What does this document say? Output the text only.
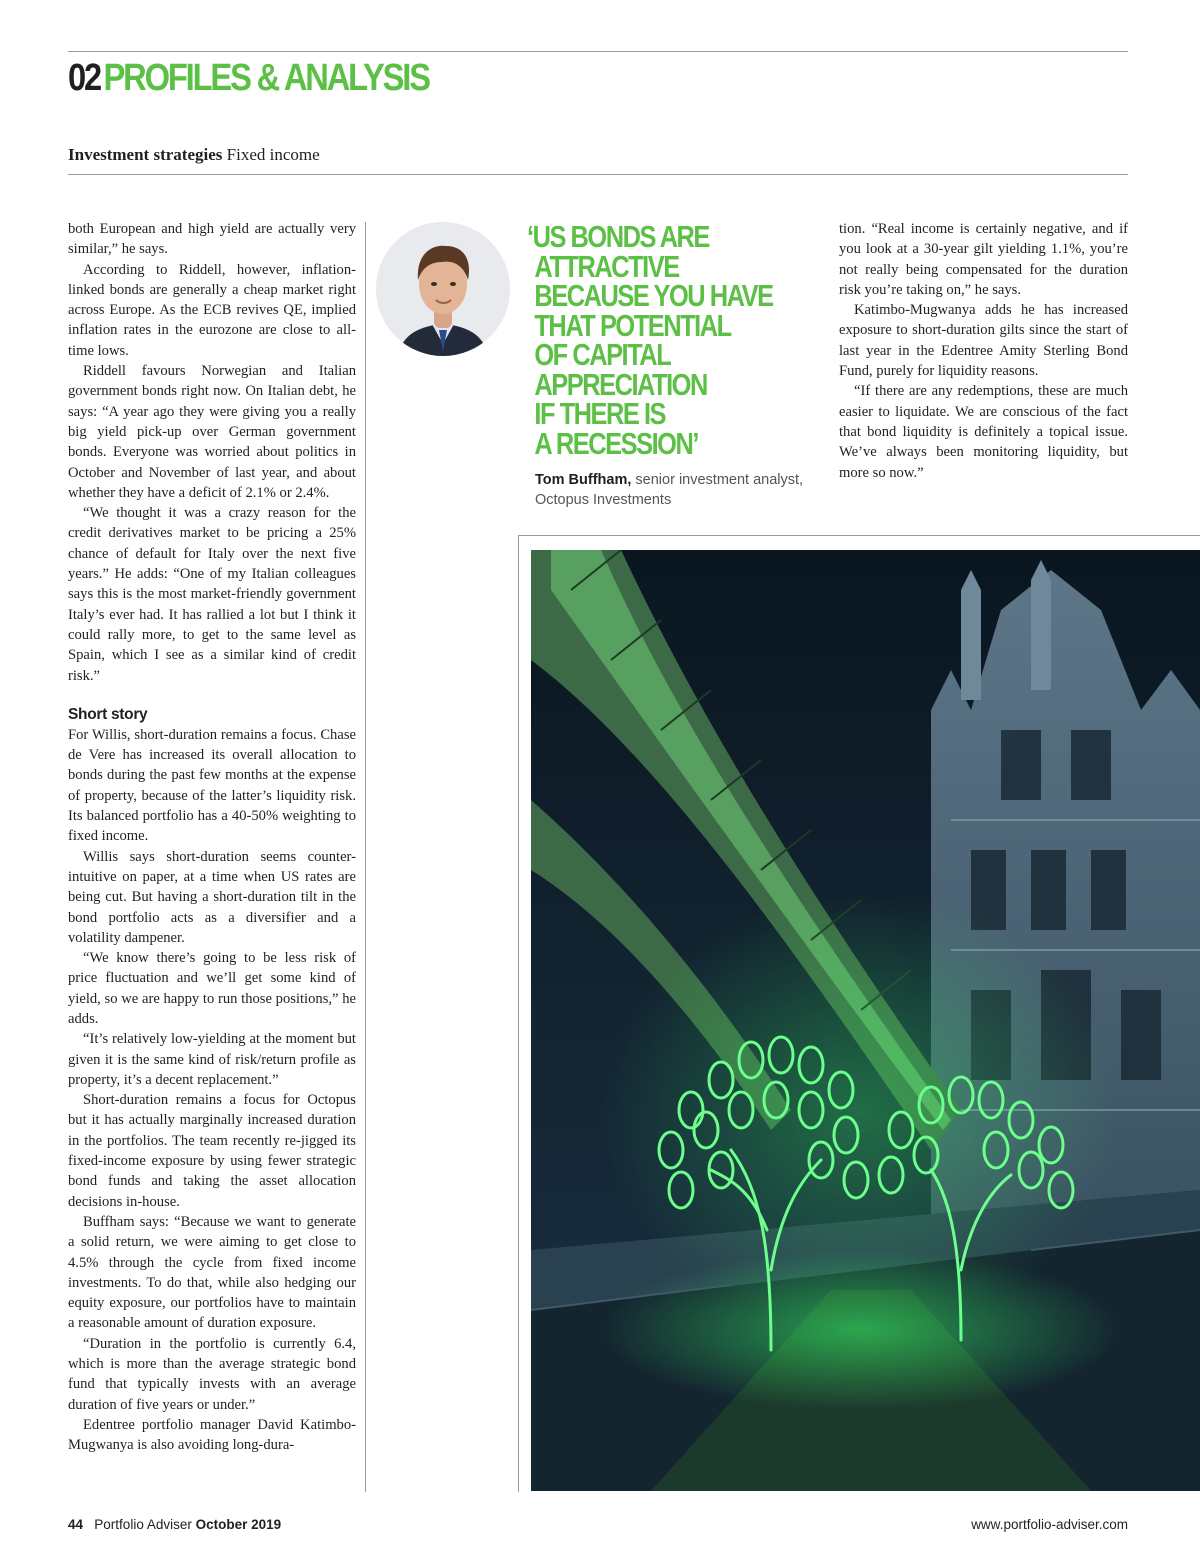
02PROFILES & ANALYSIS
Investment strategies Fixed income

both European and high yield are actually very similar,” he says.

According to Riddell, however, inflation-linked bonds are generally a cheap market right across Europe. As the ECB revives QE, implied inflation rates in the eurozone are close to all-time lows.

Riddell favours Norwegian and Italian government bonds right now. On Italian debt, he says: “A year ago they were giving you a really big yield pick-up over German government bonds. Everyone was worried about politics in October and November of last year, and about whether they have a deficit of 2.1% or 2.4%.

“We thought it was a crazy reason for the credit derivatives market to be pricing a 25% chance of default for Italy over the next five years.” He adds: “One of my Italian colleagues says this is the most market-friendly government Italy’s ever had. It has rallied a lot but I think it could rally more, to get to the same level as Spain, which I see as a similar kind of credit risk.”

Short story

For Willis, short-duration remains a focus. Chase de Vere has increased its overall allocation to bonds during the past few months at the expense of property, because of the latter’s liquidity risk. Its balanced portfolio has a 40-50% weighting to fixed income.

Willis says short-duration seems counter-intuitive on paper, at a time when US rates are being cut. But having a short-duration tilt in the bond portfolio acts as a diversifier and a volatility dampener.

“We know there’s going to be less risk of price fluctuation and we’ll get some kind of yield, so we are happy to run those positions,” he adds.

“It’s relatively low-yielding at the moment but given it is the same kind of risk/return profile as property, it’s a decent replacement.”

Short-duration remains a focus for Octopus but it has actually marginally increased duration in the portfolios. The team recently re-jigged its fixed-income exposure by using fewer strategic bond funds and taking the asset allocation decisions in-house.

Buffham says: “Because we want to generate a solid return, we were aiming to get close to 4.5% through the cycle from fixed income investments. To do that, while also hedging our equity exposure, our portfolios have to maintain a reasonable amount of duration exposure.

“Duration in the portfolio is currently 6.4, which is more than the average strategic bond fund that typically invests with an average duration of five years or under.”

Edentree portfolio manager David Katimbo-Mugwanya is also avoiding long-dura-

‘US BONDS ARE
ATTRACTIVE
BECAUSE YOU HAVE
THAT POTENTIAL
OF CAPITAL
APPRECIATION
IF THERE IS
A RECESSION’
Tom Buffham, senior investment analyst, Octopus Investments

tion. “Real income is certainly negative, and if you look at a 30-year gilt yielding 1.1%, you’re not really being compensated for the duration risk you’re taking on,” he says.

Katimbo-Mugwanya adds he has increased exposure to short-duration gilts since the start of last year in the Edentree Amity Sterling Bond Fund, purely for liquidity reasons.

“If there are any redemptions, these are much easier to liquidate. We are conscious of the fact that bond liquidity is definitely a topical issue. We’ve always been monitoring liquidity, but more so now.”

44 Portfolio Adviser October 2019	www.portfolio-adviser.com
